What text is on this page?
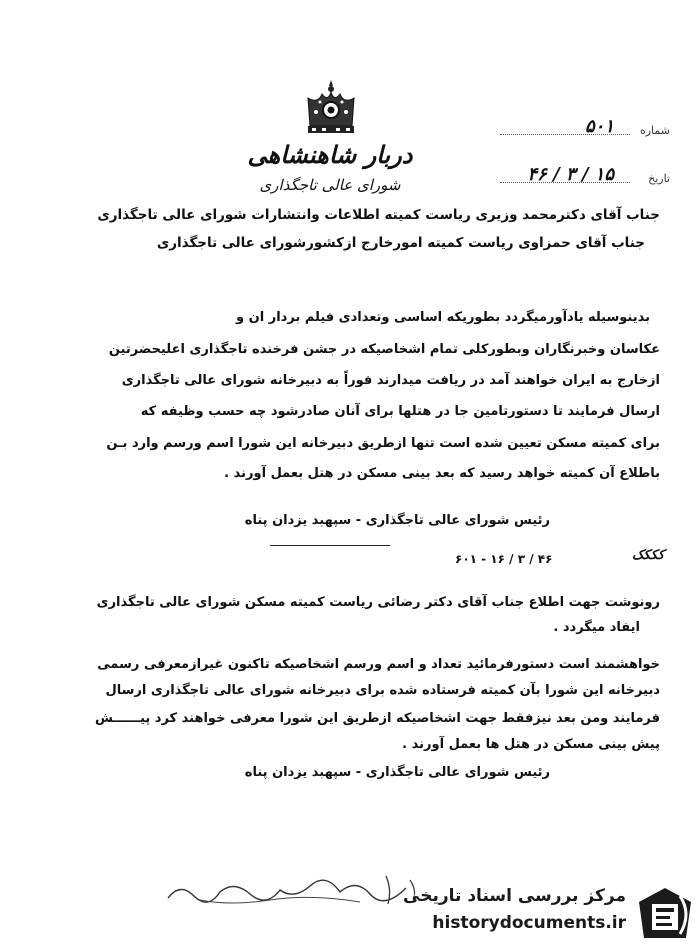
دربار شاهنشاهی
شورای عالی تاجگذاری
شماره
۵۰۱
تاریخ
۱۵ / ۳ / ۴۶
جناب آقای دکترمحمد وزیری ریاست کمیته اطلاعات وانتشارات شورای عالی تاجگذاری
جناب آقای حمزاوی ریاست کمیته امورخارج ازکشورشورای عالی تاجگذاری
بدینوسیله یادآورمیگردد بطوریکه اساسی وتعدادی فیلم بردار ان و
عکاسان وخبرنگاران وبطورکلی تمام اشخاصیکه در جشن فرخنده تاجگذاری اعلیحضرتین
ازخارج به ایران خواهند آمد در ریافت میدارند فوراً به دبیرخانه شورای عالی تاجگذاری
ارسال فرمایند تا دستورتامین جا در هتلها برای آنان صادرشود چه حسب وظیفه که
برای کمیته مسکن تعیین شده است تنها ازطریق دبیرخانه این شورا اسم ورسم وارد بـن
باطلاع آن کمیته خواهد رسید که بعد بینی مسکن در هتل بعمل آورند .
رئیس شورای عالی تاجگذاری - سپهبد یزدان پناه
کککک
۶۰۱ - ۱۶ / ۳ / ۴۶
رونوشت جهت اطلاع جناب آقای دکتر رضائی ریاست کمیته مسکن شورای عالی تاجگذاری
ایفاد میگردد .
خواهشمند است دستورفرمائید تعداد و اسم ورسم اشخاصیکه تاکنون غیرازمعرفی رسمی
دبیرخانه این شورا بآن کمیته فرستاده شده برای دبیرخانه شورای عالی تاجگذاری ارسال
فرمایند ومن بعد نیزفقط جهت اشخاصیکه ازطریق این شورا معرفی خواهند کرد پیــــــش
پیش بینی مسکن در هتل ها بعمل آورند .
رئیس شورای عالی تاجگذاری - سپهبد یزدان پناه
مرکز بررسی اسناد تاریخی
historydocuments.ir
